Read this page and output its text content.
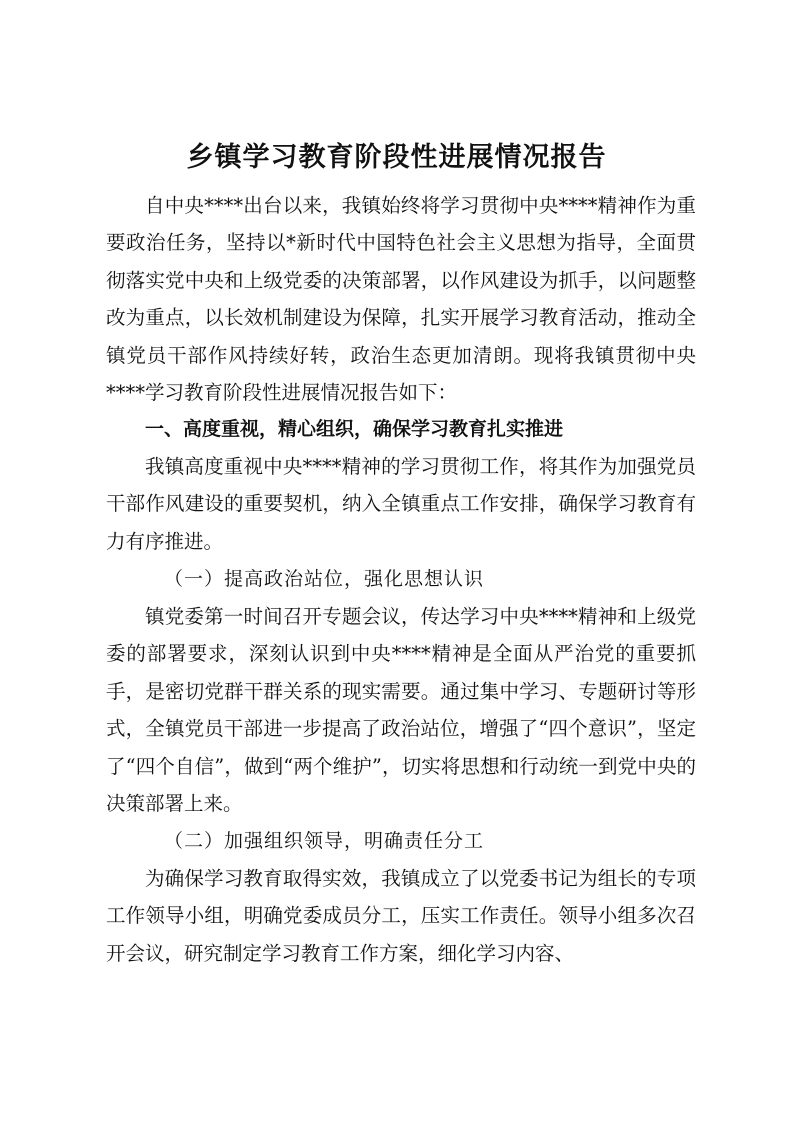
乡镇学习教育阶段性进展情况报告

自中央****出台以来，我镇始终将学习贯彻中央****精神作为重要政治任务，坚持以*新时代中国特色社会主义思想为指导，全面贯彻落实党中央和上级党委的决策部署，以作风建设为抓手，以问题整改为重点，以长效机制建设为保障，扎实开展学习教育活动，推动全镇党员干部作风持续好转，政治生态更加清朗。现将我镇贯彻中央****学习教育阶段性进展情况报告如下：

一、高度重视，精心组织，确保学习教育扎实推进

我镇高度重视中央****精神的学习贯彻工作，将其作为加强党员干部作风建设的重要契机，纳入全镇重点工作安排，确保学习教育有力有序推进。

（一）提高政治站位，强化思想认识

镇党委第一时间召开专题会议，传达学习中央****精神和上级党委的部署要求，深刻认识到中央****精神是全面从严治党的重要抓手，是密切党群干群关系的现实需要。通过集中学习、专题研讨等形式，全镇党员干部进一步提高了政治站位，增强了“四个意识”，坚定了“四个自信”，做到“两个维护”，切实将思想和行动统一到党中央的决策部署上来。

（二）加强组织领导，明确责任分工

为确保学习教育取得实效，我镇成立了以党委书记为组长的专项工作领导小组，明确党委成员分工，压实工作责任。领导小组多次召开会议，研究制定学习教育工作方案，细化学习内容、
